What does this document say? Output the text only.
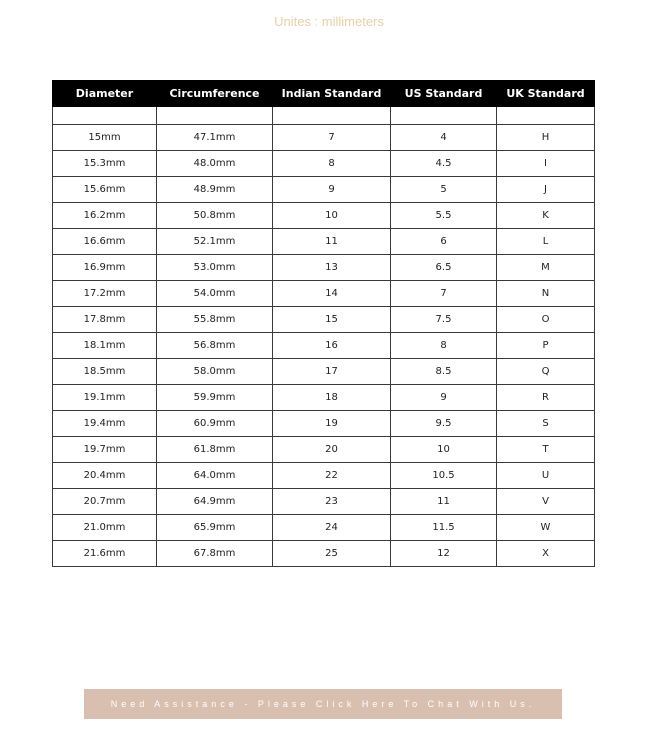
Unites : millimeters
Diameter	Circumference	Indian Standard	US Standard	UK Standard

15mm	47.1mm	7	4	H
15.3mm	48.0mm	8	4.5	I
15.6mm	48.9mm	9	5	J
16.2mm	50.8mm	10	5.5	K
16.6mm	52.1mm	11	6	L
16.9mm	53.0mm	13	6.5	M
17.2mm	54.0mm	14	7	N
17.8mm	55.8mm	15	7.5	O
18.1mm	56.8mm	16	8	P
18.5mm	58.0mm	17	8.5	Q
19.1mm	59.9mm	18	9	R
19.4mm	60.9mm	19	9.5	S
19.7mm	61.8mm	20	10	T
20.4mm	64.0mm	22	10.5	U
20.7mm	64.9mm	23	11	V
21.0mm	65.9mm	24	11.5	W
21.6mm	67.8mm	25	12	X
Need Assistance - Please Click Here To Chat With Us.
